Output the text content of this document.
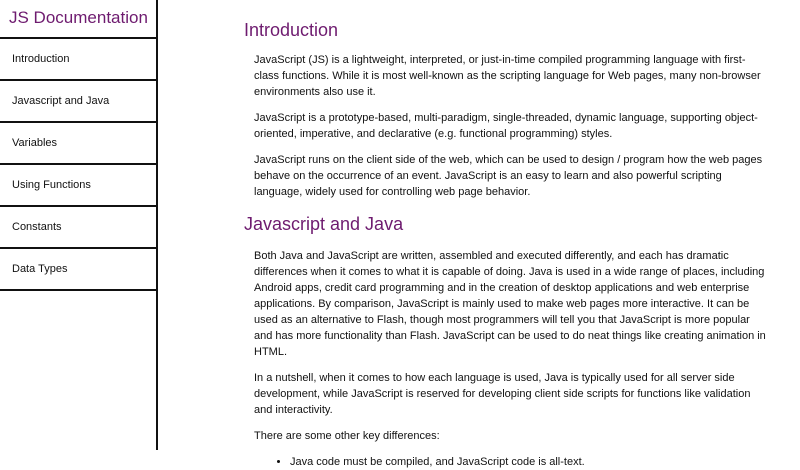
JS Documentation
Introduction
Javascript and Java
Variables
Using Functions
Constants
Data Types
Introduction

JavaScript (JS) is a lightweight, interpreted, or just-in-time compiled programming language with first-class functions. While it is most well-known as the scripting language for Web pages, many non-browser environments also use it.

JavaScript is a prototype-based, multi-paradigm, single-threaded, dynamic language, supporting object-oriented, imperative, and declarative (e.g. functional programming) styles.

JavaScript runs on the client side of the web, which can be used to design / program how the web pages behave on the occurrence of an event. JavaScript is an easy to learn and also powerful scripting language, widely used for controlling web page behavior.

Javascript and Java

Both Java and JavaScript are written, assembled and executed differently, and each has dramatic differences when it comes to what it is capable of doing. Java is used in a wide range of places, including Android apps, credit card programming and in the creation of desktop applications and web enterprise applications. By comparison, JavaScript is mainly used to make web pages more interactive. It can be used as an alternative to Flash, though most programmers will tell you that JavaScript is more popular and has more functionality than Flash. JavaScript can be used to do neat things like creating animation in HTML.

In a nutshell, when it comes to how each language is used, Java is typically used for all server side development, while JavaScript is reserved for developing client side scripts for functions like validation and interactivity.

There are some other key differences:

• Java code must be compiled, and JavaScript code is all-text.
